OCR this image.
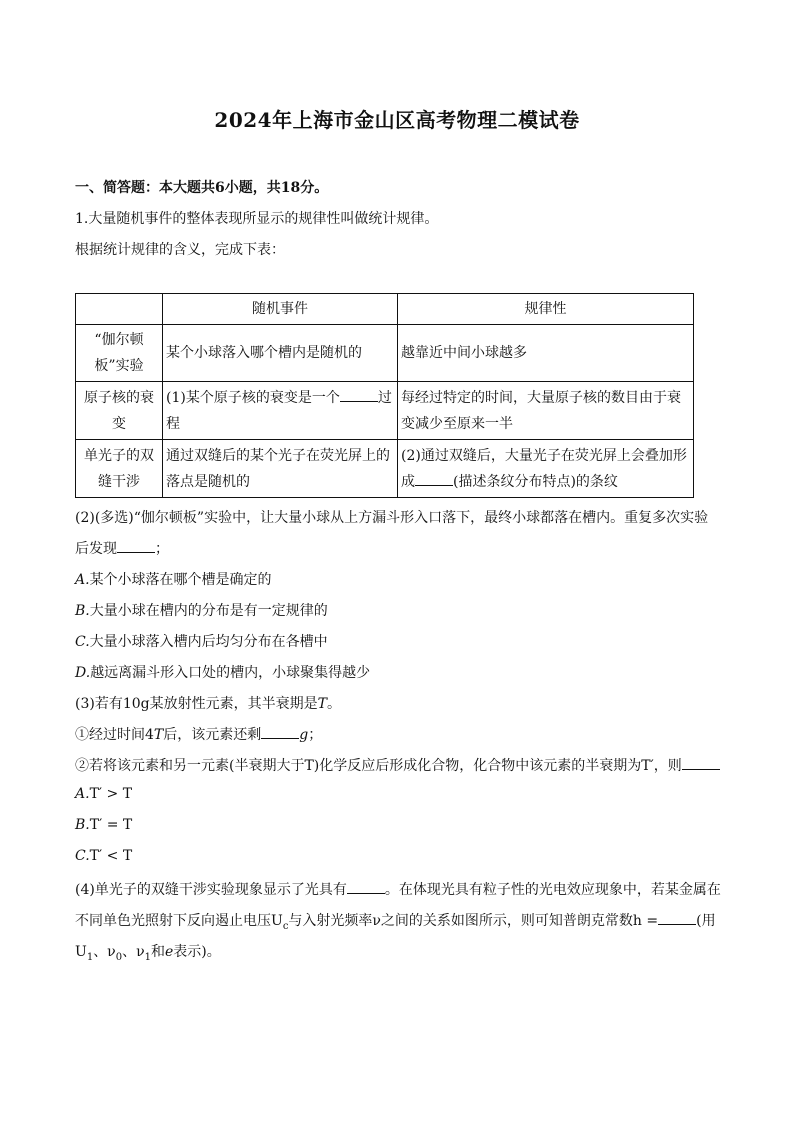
2024年上海市金山区高考物理二模试卷
一、简答题：本大题共6小题，共18分。
1.大量随机事件的整体表现所显示的规律性叫做统计规律。
根据统计规律的含义，完成下表：
	随机事件	规律性
“伽尔顿板”实验	某个小球落入哪个槽内是随机的	越靠近中间小球越多
原子核的衰变	(1)某个原子核的衰变是一个 过程	每经过特定的时间，大量原子核的数目由于衰变减少至原来一半
单光子的双缝干涉	通过双缝后的某个光子在荧光屏上的落点是随机的	(2)通过双缝后，大量光子在荧光屏上会叠加形成 (描述条纹分布特点)的条纹
(2)(多选)“伽尔顿板”实验中，让大量小球从上方漏斗形入口落下，最终小球都落在槽内。重复多次实验
后发现	；
A.某个小球落在哪个槽是确定的
B.大量小球在槽内的分布是有一定规律的
C.大量小球落入槽内后均匀分布在各槽中
D.越远离漏斗形入口处的槽内，小球聚集得越少
(3)若有10g某放射性元素，其半衰期是T。
①经过时间4T后，该元素还剩	g；
②若将该元素和另一元素(半衰期大于T)化学反应后形成化合物，化合物中该元素的半衰期为T′，则
A.T′ > T
B.T′ = T
C.T′ < T
(4)单光子的双缝干涉实验现象显示了光具有	。在体现光具有粒子性的光电效应现象中，若某金属在
不同单色光照射下反向遏止电压$U_c$与入射光频率ν之间的关系如图所示，则可知普朗克常数h =	(用
$U_1$、$\nu_0$、$\nu_1$和e表示)。
